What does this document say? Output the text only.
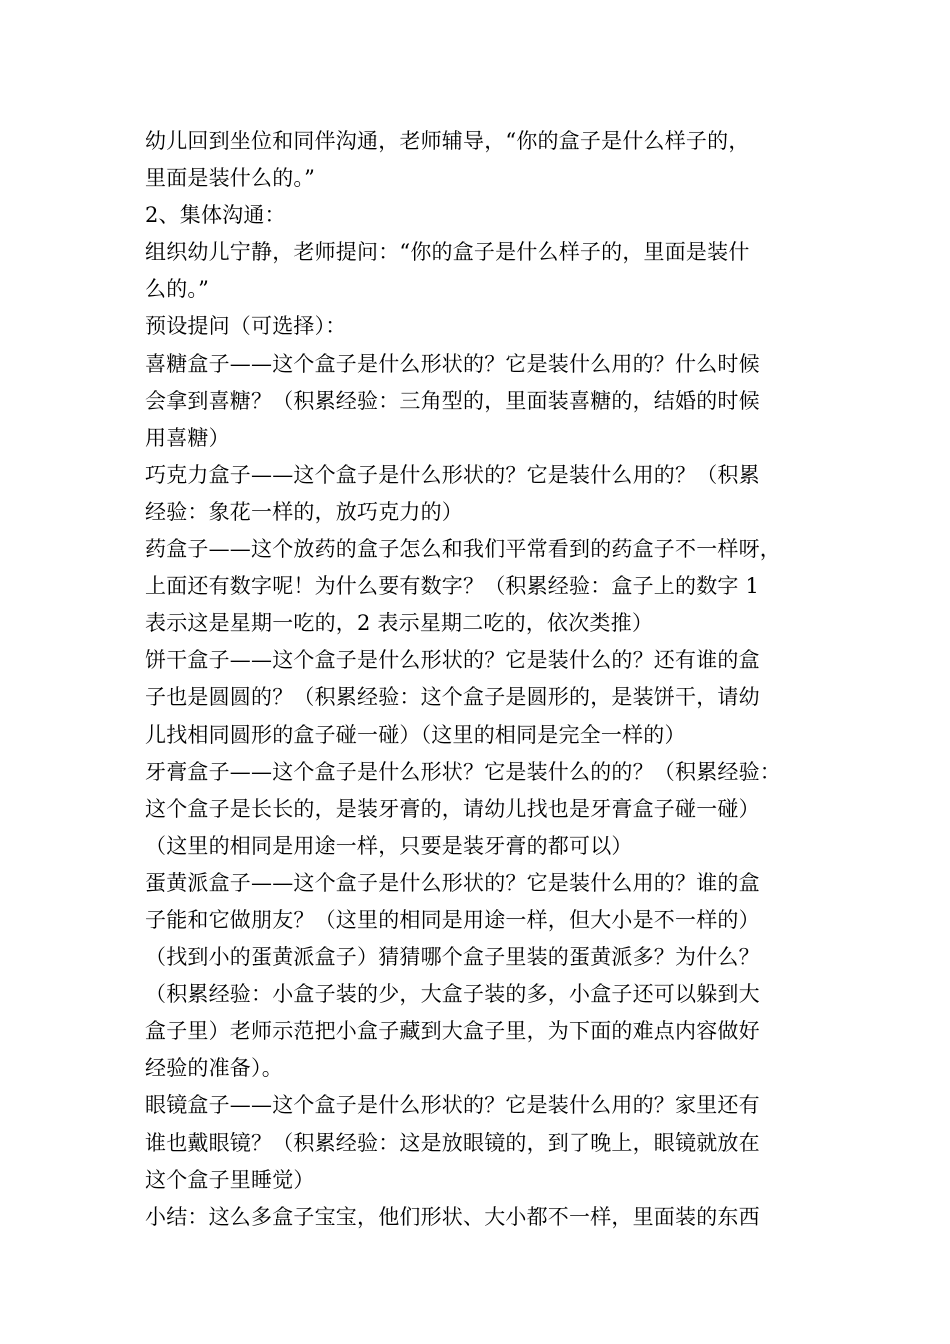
幼儿回到坐位和同伴沟通，老师辅导，“你的盒子是什么样子的，
里面是装什么的。”
2、集体沟通：
组织幼儿宁静，老师提问：“你的盒子是什么样子的，里面是装什
么的。”
预设提问（可选择）：
喜糖盒子——这个盒子是什么形状的？它是装什么用的？什么时候
会拿到喜糖？（积累经验：三角型的，里面装喜糖的，结婚的时候
用喜糖）
巧克力盒子——这个盒子是什么形状的？它是装什么用的？（积累
经验：象花一样的，放巧克力的）
药盒子——这个放药的盒子怎么和我们平常看到的药盒子不一样呀，
上面还有数字呢！为什么要有数字？（积累经验：盒子上的数字 1
表示这是星期一吃的，2 表示星期二吃的，依次类推）
饼干盒子——这个盒子是什么形状的？它是装什么的？还有谁的盒
子也是圆圆的？（积累经验：这个盒子是圆形的，是装饼干，请幼
儿找相同圆形的盒子碰一碰）（这里的相同是完全一样的）
牙膏盒子——这个盒子是什么形状？它是装什么的的？（积累经验：
这个盒子是长长的，是装牙膏的，请幼儿找也是牙膏盒子碰一碰）
（这里的相同是用途一样，只要是装牙膏的都可以）
蛋黄派盒子——这个盒子是什么形状的？它是装什么用的？谁的盒
子能和它做朋友？（这里的相同是用途一样，但大小是不一样的）
（找到小的蛋黄派盒子）猜猜哪个盒子里装的蛋黄派多？为什么？
（积累经验：小盒子装的少，大盒子装的多，小盒子还可以躲到大
盒子里）老师示范把小盒子藏到大盒子里，为下面的难点内容做好
经验的准备）。
眼镜盒子——这个盒子是什么形状的？它是装什么用的？家里还有
谁也戴眼镜？（积累经验：这是放眼镜的，到了晚上，眼镜就放在
这个盒子里睡觉）
小结：这么多盒子宝宝，他们形状、大小都不一样，里面装的东西
